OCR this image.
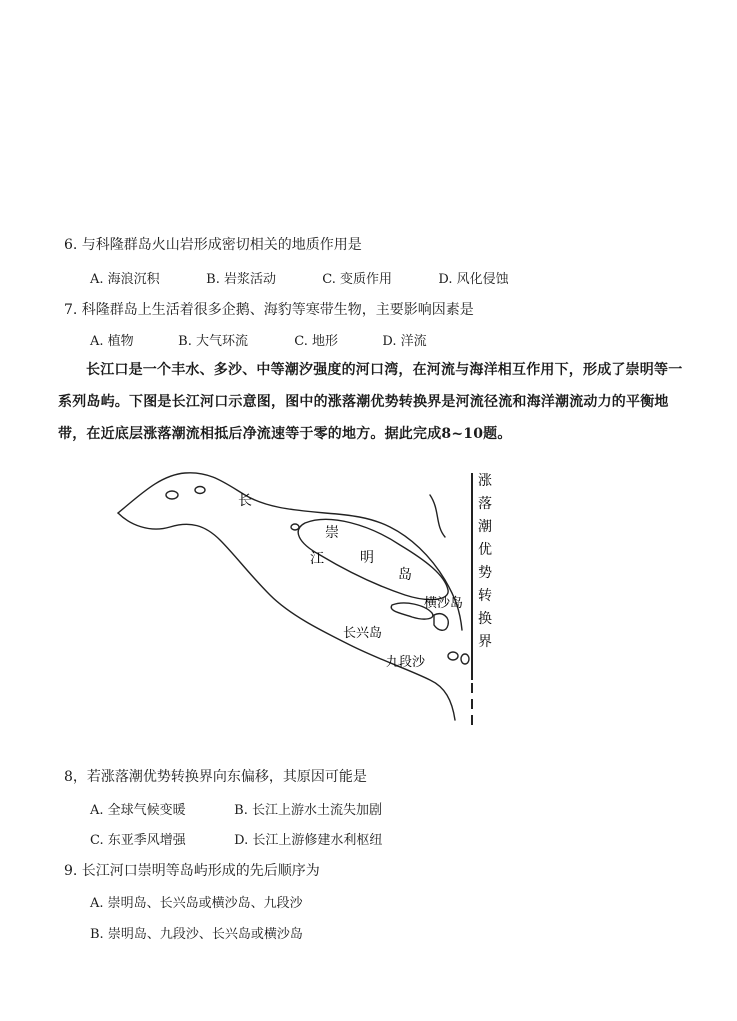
6. 与科隆群岛火山岩形成密切相关的地质作用是
A. 海浪沉积	B. 岩浆活动	C. 变质作用	D. 风化侵蚀
7. 科隆群岛上生活着很多企鹅、海豹等寒带生物，主要影响因素是
A. 植物	B. 大气环流	C. 地形	D. 洋流
长江口是一个丰水、多沙、中等潮汐强度的河口湾，在河流与海洋相互作用下，形成了崇明等一系列岛屿。下图是长江河口示意图，图中的涨落潮优势转换界是河流径流和海洋潮流动力的平衡地带，在近底层涨落潮流相抵后净流速等于零的地方。据此完成8~10题。
长
江
崇
明
岛
横沙岛
长兴岛
九段沙
涨
落
潮
优
势
转
换
界
8，若涨落潮优势转换界向东偏移，其原因可能是
A. 全球气候变暖	B. 长江上游水土流失加剧
C. 东亚季风增强	D. 长江上游修建水利枢纽
9. 长江河口崇明等岛屿形成的先后顺序为
A. 崇明岛、长兴岛或横沙岛、九段沙
B. 崇明岛、九段沙、长兴岛或横沙岛
